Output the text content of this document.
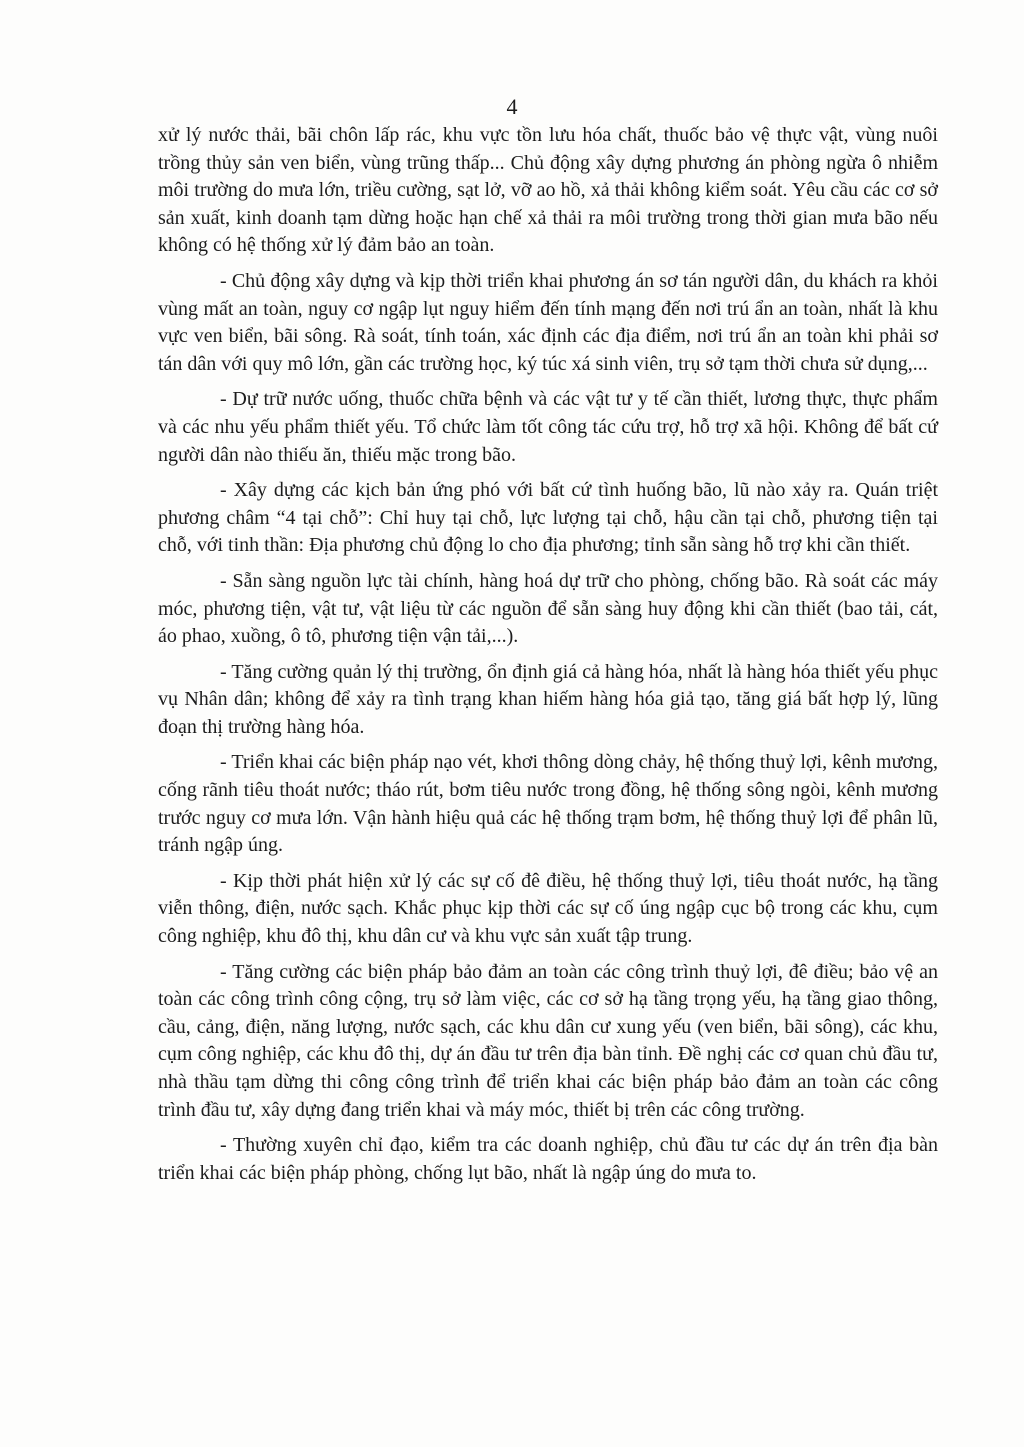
4

xử lý nước thải, bãi chôn lấp rác, khu vực tồn lưu hóa chất, thuốc bảo vệ thực vật, vùng nuôi trồng thủy sản ven biển, vùng trũng thấp... Chủ động xây dựng phương án phòng ngừa ô nhiễm môi trường do mưa lớn, triều cường, sạt lở, vỡ ao hồ, xả thải không kiểm soát. Yêu cầu các cơ sở sản xuất, kinh doanh tạm dừng hoặc hạn chế xả thải ra môi trường trong thời gian mưa bão nếu không có hệ thống xử lý đảm bảo an toàn.

- Chủ động xây dựng và kịp thời triển khai phương án sơ tán người dân, du khách ra khỏi vùng mất an toàn, nguy cơ ngập lụt nguy hiểm đến tính mạng đến nơi trú ẩn an toàn, nhất là khu vực ven biển, bãi sông. Rà soát, tính toán, xác định các địa điểm, nơi trú ẩn an toàn khi phải sơ tán dân với quy mô lớn, gần các trường học, ký túc xá sinh viên, trụ sở tạm thời chưa sử dụng,...

- Dự trữ nước uống, thuốc chữa bệnh và các vật tư y tế cần thiết, lương thực, thực phẩm và các nhu yếu phẩm thiết yếu. Tổ chức làm tốt công tác cứu trợ, hỗ trợ xã hội. Không để bất cứ người dân nào thiếu ăn, thiếu mặc trong bão.

- Xây dựng các kịch bản ứng phó với bất cứ tình huống bão, lũ nào xảy ra. Quán triệt phương châm “4 tại chỗ”: Chỉ huy tại chỗ, lực lượng tại chỗ, hậu cần tại chỗ, phương tiện tại chỗ, với tinh thần: Địa phương chủ động lo cho địa phương; tỉnh sẵn sàng hỗ trợ khi cần thiết.

- Sẵn sàng nguồn lực tài chính, hàng hoá dự trữ cho phòng, chống bão. Rà soát các máy móc, phương tiện, vật tư, vật liệu từ các nguồn để sẵn sàng huy động khi cần thiết (bao tải, cát, áo phao, xuồng, ô tô, phương tiện vận tải,...).

- Tăng cường quản lý thị trường, ổn định giá cả hàng hóa, nhất là hàng hóa thiết yếu phục vụ Nhân dân; không để xảy ra tình trạng khan hiếm hàng hóa giả tạo, tăng giá bất hợp lý, lũng đoạn thị trường hàng hóa.

- Triển khai các biện pháp nạo vét, khơi thông dòng chảy, hệ thống thuỷ lợi, kênh mương, cống rãnh tiêu thoát nước; tháo rút, bơm tiêu nước trong đồng, hệ thống sông ngòi, kênh mương trước nguy cơ mưa lớn. Vận hành hiệu quả các hệ thống trạm bơm, hệ thống thuỷ lợi để phân lũ, tránh ngập úng.

- Kịp thời phát hiện xử lý các sự cố đê điều, hệ thống thuỷ lợi, tiêu thoát nước, hạ tầng viễn thông, điện, nước sạch. Khắc phục kịp thời các sự cố úng ngập cục bộ trong các khu, cụm công nghiệp, khu đô thị, khu dân cư và khu vực sản xuất tập trung.

- Tăng cường các biện pháp bảo đảm an toàn các công trình thuỷ lợi, đê điều; bảo vệ an toàn các công trình công cộng, trụ sở làm việc, các cơ sở hạ tầng trọng yếu, hạ tầng giao thông, cầu, cảng, điện, năng lượng, nước sạch, các khu dân cư xung yếu (ven biển, bãi sông), các khu, cụm công nghiệp, các khu đô thị, dự án đầu tư trên địa bàn tỉnh. Đề nghị các cơ quan chủ đầu tư, nhà thầu tạm dừng thi công công trình để triển khai các biện pháp bảo đảm an toàn các công trình đầu tư, xây dựng đang triển khai và máy móc, thiết bị trên các công trường.

- Thường xuyên chỉ đạo, kiểm tra các doanh nghiệp, chủ đầu tư các dự án trên địa bàn triển khai các biện pháp phòng, chống lụt bão, nhất là ngập úng do mưa to.
